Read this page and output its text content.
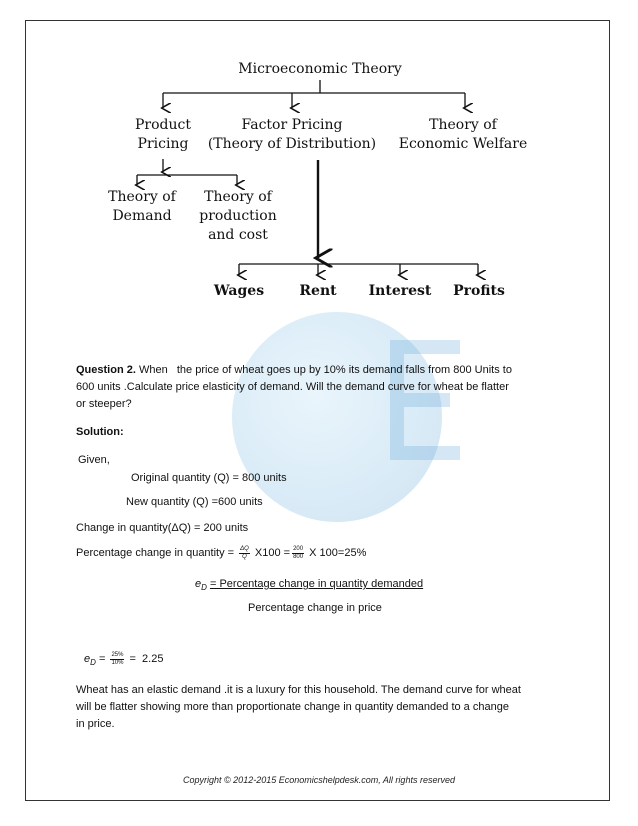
Microeconomic Theory
Product
Pricing
Factor Pricing
(Theory of Distribution)
Theory of
Economic Welfare
Theory of
Demand
Theory of
production
and cost
Wages	Rent	Interest	Profits
Question 2. When   the price of wheat goes up by 10% its demand falls from 800 Units to
600 units .Calculate price elasticity of demand. Will the demand curve for wheat be flatter
or steeper?
Solution:
Given,
Original quantity (Q) = 800 units
New quantity (Q) =600 units
Change in quantity(ΔQ) = 200 units
Percentage change in quantity = $\frac{\Delta Q}{Q} X100 = \frac{200}{800}$ X 100=25%
$e_D$ = Percentage change in quantity demanded
Percentage change in price
$e_D = \frac{25\%}{10\%} = 2.25$
Wheat has an elastic demand .it is a luxury for this household. The demand curve for wheat
will be flatter showing more than proportionate change in quantity demanded to a change
in price.
Copyright © 2012-2015 Economicshelpdesk.com, All rights reserved
